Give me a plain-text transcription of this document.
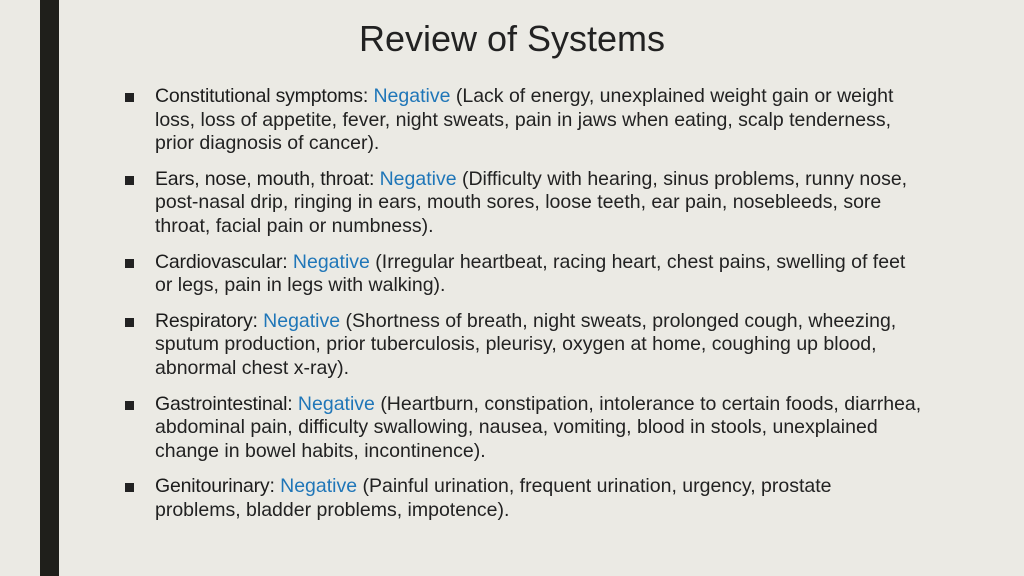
Review of Systems
Constitutional symptoms: Negative (Lack of energy, unexplained weight gain or weight loss, loss of appetite, fever, night sweats, pain in jaws when eating, scalp tenderness, prior diagnosis of cancer).
Ears, nose, mouth, throat: Negative (Difficulty with hearing, sinus problems, runny nose, post-nasal drip, ringing in ears, mouth sores, loose teeth, ear pain, nosebleeds, sore throat, facial pain or numbness).
Cardiovascular: Negative (Irregular heartbeat, racing heart, chest pains, swelling of feet or legs, pain in legs with walking).
Respiratory: Negative (Shortness of breath, night sweats, prolonged cough, wheezing, sputum production, prior tuberculosis, pleurisy, oxygen at home, coughing up blood, abnormal chest x-ray).
Gastrointestinal: Negative (Heartburn, constipation, intolerance to certain foods, diarrhea, abdominal pain, difficulty swallowing, nausea, vomiting, blood in stools, unexplained change in bowel habits, incontinence).
Genitourinary: Negative (Painful urination, frequent urination, urgency, prostate problems, bladder problems, impotence).
